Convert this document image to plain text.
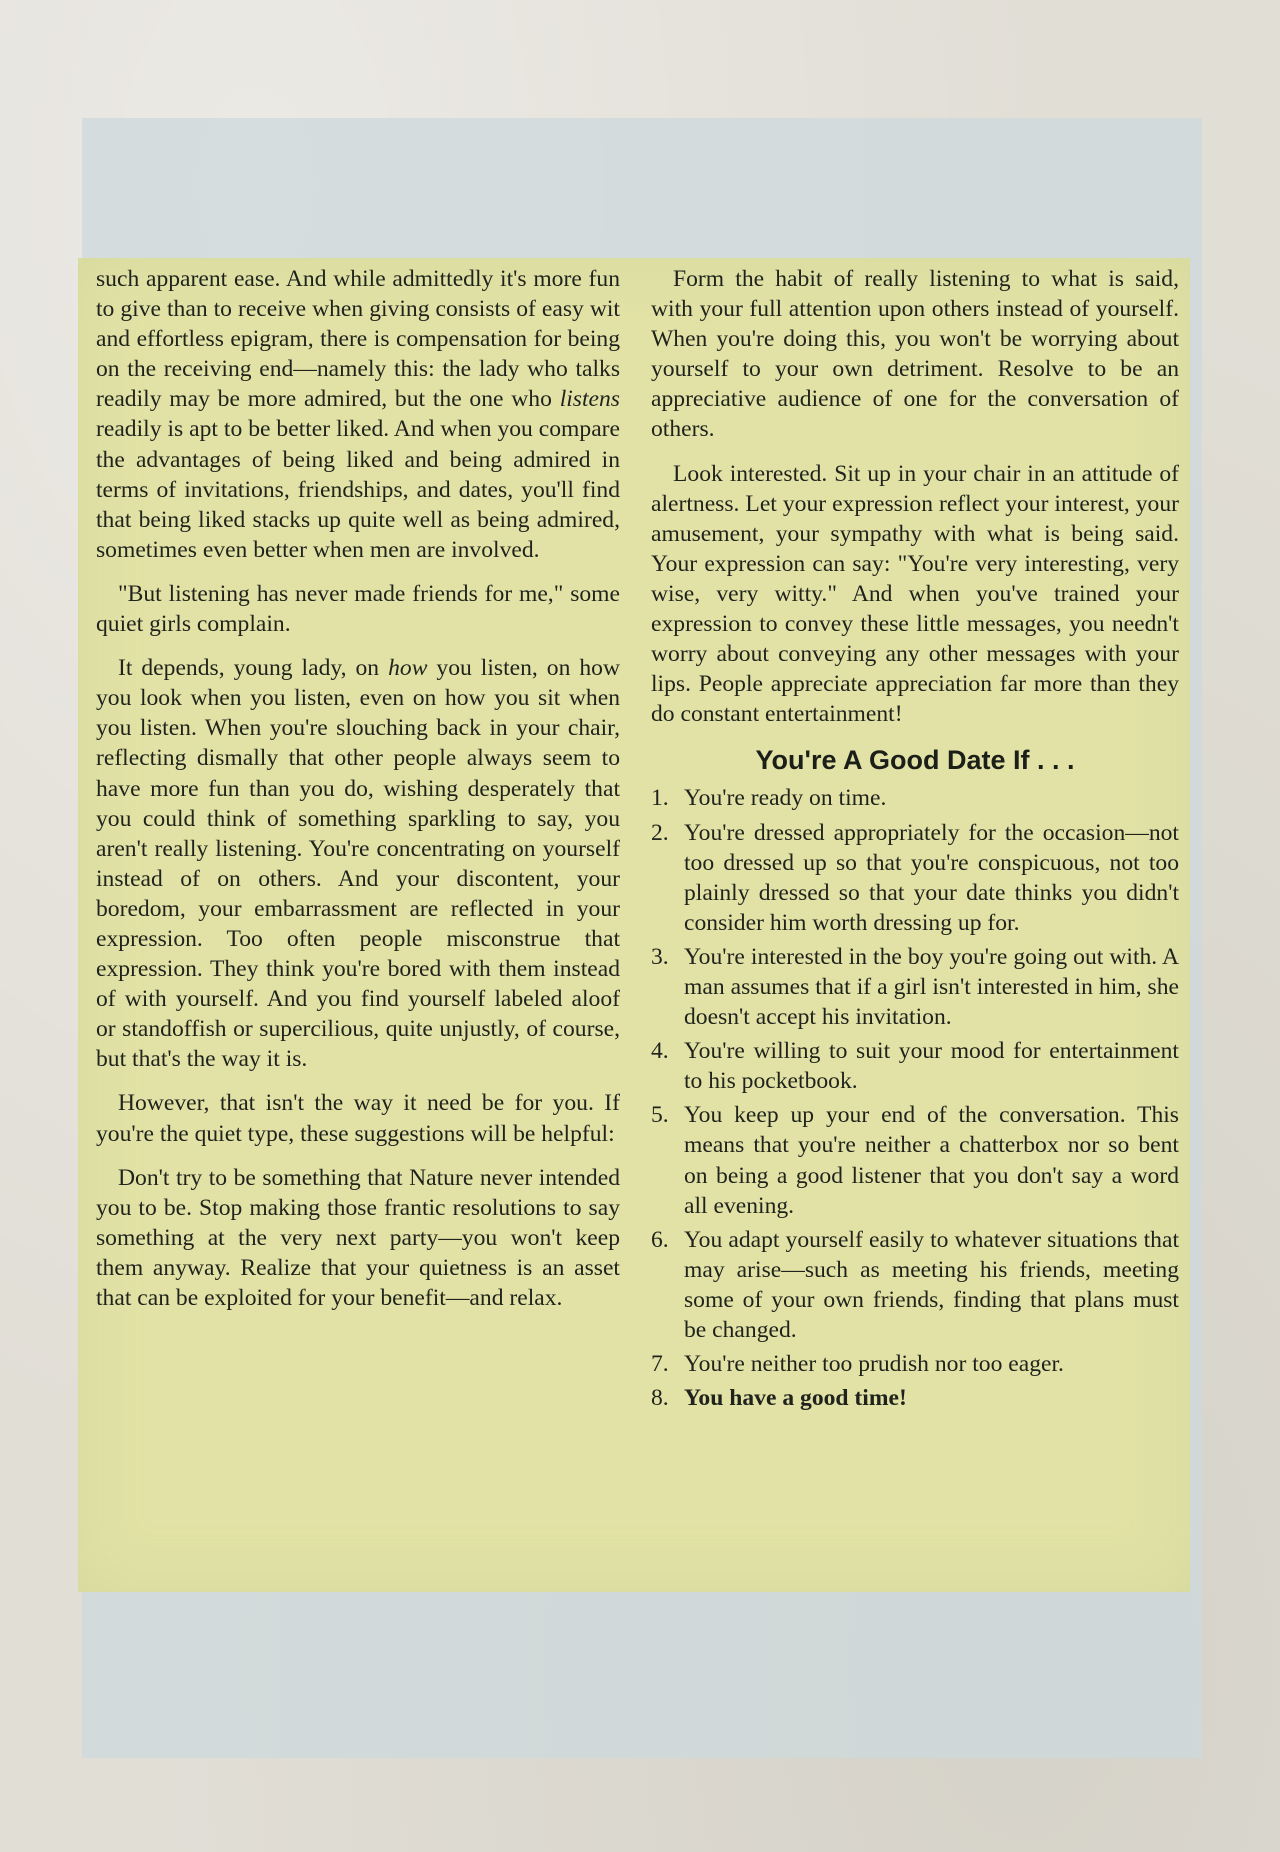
such apparent ease. And while admittedly it's more fun to give than to receive when giving consists of easy wit and effortless epigram, there is compensation for being on the receiving end—namely this: the lady who talks readily may be more admired, but the one who listens readily is apt to be better liked. And when you compare the advantages of being liked and being admired in terms of invitations, friendships, and dates, you'll find that being liked stacks up quite well as being admired, sometimes even better when men are involved.

"But listening has never made friends for me," some quiet girls complain.

It depends, young lady, on how you listen, on how you look when you listen, even on how you sit when you listen. When you're slouching back in your chair, reflecting dismally that other people always seem to have more fun than you do, wishing desperately that you could think of something sparkling to say, you aren't really listening. You're concentrating on yourself instead of on others. And your discontent, your boredom, your embarrassment are reflected in your expression. Too often people misconstrue that expression. They think you're bored with them instead of with yourself. And you find yourself labeled aloof or standoffish or supercilious, quite unjustly, of course, but that's the way it is.

However, that isn't the way it need be for you. If you're the quiet type, these suggestions will be helpful:

Don't try to be something that Nature never intended you to be. Stop making those frantic resolutions to say something at the very next party—you won't keep them anyway. Realize that your quietness is an asset that can be exploited for your benefit—and relax.

Form the habit of really listening to what is said, with your full attention upon others instead of yourself. When you're doing this, you won't be worrying about yourself to your own detriment. Resolve to be an appreciative audience of one for the conversation of others.

Look interested. Sit up in your chair in an attitude of alertness. Let your expression reflect your interest, your amusement, your sympathy with what is being said. Your expression can say: "You're very interesting, very wise, very witty." And when you've trained your expression to convey these little messages, you needn't worry about conveying any other messages with your lips. People appreciate appreciation far more than they do constant entertainment!

You're A Good Date If . . .
1. You're ready on time.
2. You're dressed appropriately for the occasion—not too dressed up so that you're conspicuous, not too plainly dressed so that your date thinks you didn't consider him worth dressing up for.
3. You're interested in the boy you're going out with. A man assumes that if a girl isn't interested in him, she doesn't accept his invitation.
4. You're willing to suit your mood for entertainment to his pocketbook.
5. You keep up your end of the conversation. This means that you're neither a chatterbox nor so bent on being a good listener that you don't say a word all evening.
6. You adapt yourself easily to whatever situations that may arise—such as meeting his friends, meeting some of your own friends, finding that plans must be changed.
7. You're neither too prudish nor too eager.
8. You have a good time!
